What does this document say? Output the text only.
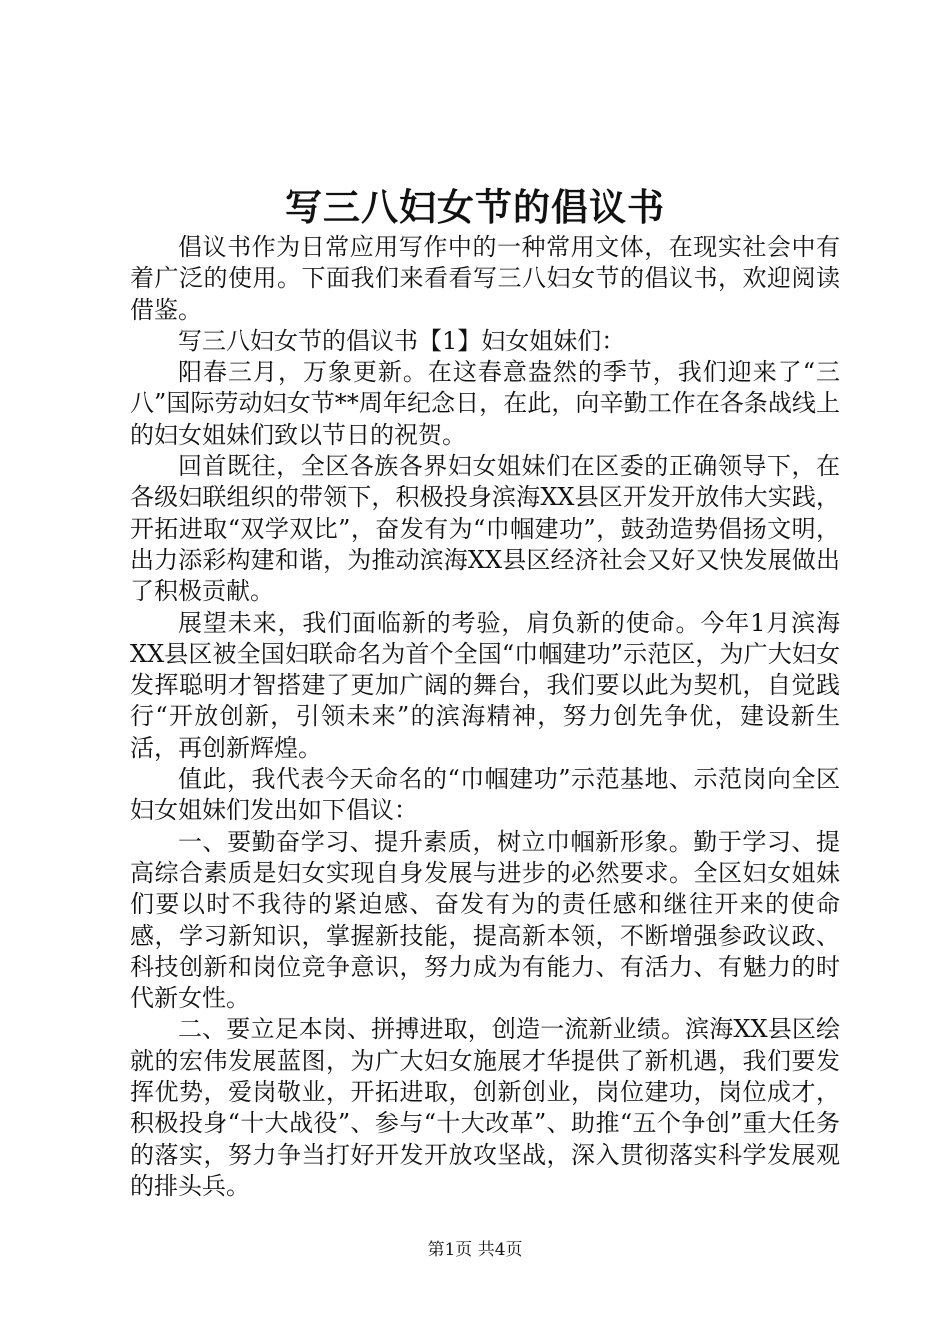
写三八妇女节的倡议书

倡议书作为日常应用写作中的一种常用文体，在现实社会中有着广泛的使用。下面我们来看看写三八妇女节的倡议书，欢迎阅读借鉴。

写三八妇女节的倡议书【1】妇女姐妹们：

阳春三月，万象更新。在这春意盎然的季节，我们迎来了“三八”国际劳动妇女节**周年纪念日，在此，向辛勤工作在各条战线上的妇女姐妹们致以节日的祝贺。

回首既往，全区各族各界妇女姐妹们在区委的正确领导下，在各级妇联组织的带领下，积极投身滨海XX县区开发开放伟大实践，开拓进取“双学双比”，奋发有为“巾帼建功”，鼓劲造势倡扬文明，出力添彩构建和谐，为推动滨海XX县区经济社会又好又快发展做出了积极贡献。

展望未来，我们面临新的考验，肩负新的使命。今年1月滨海XX县区被全国妇联命名为首个全国“巾帼建功”示范区，为广大妇女发挥聪明才智搭建了更加广阔的舞台，我们要以此为契机，自觉践行“开放创新，引领未来”的滨海精神，努力创先争优，建设新生活，再创新辉煌。

值此，我代表今天命名的“巾帼建功”示范基地、示范岗向全区妇女姐妹们发出如下倡议：

一、要勤奋学习、提升素质，树立巾帼新形象。勤于学习、提高综合素质是妇女实现自身发展与进步的必然要求。全区妇女姐妹们要以时不我待的紧迫感、奋发有为的责任感和继往开来的使命感，学习新知识，掌握新技能，提高新本领，不断增强参政议政、科技创新和岗位竞争意识，努力成为有能力、有活力、有魅力的时代新女性。

二、要立足本岗、拼搏进取，创造一流新业绩。滨海XX县区绘就的宏伟发展蓝图，为广大妇女施展才华提供了新机遇，我们要发挥优势，爱岗敬业，开拓进取，创新创业，岗位建功，岗位成才，积极投身“十大战役”、参与“十大改革”、助推“五个争创”重大任务的落实，努力争当打好开发开放攻坚战，深入贯彻落实科学发展观的排头兵。

第1页 共4页
